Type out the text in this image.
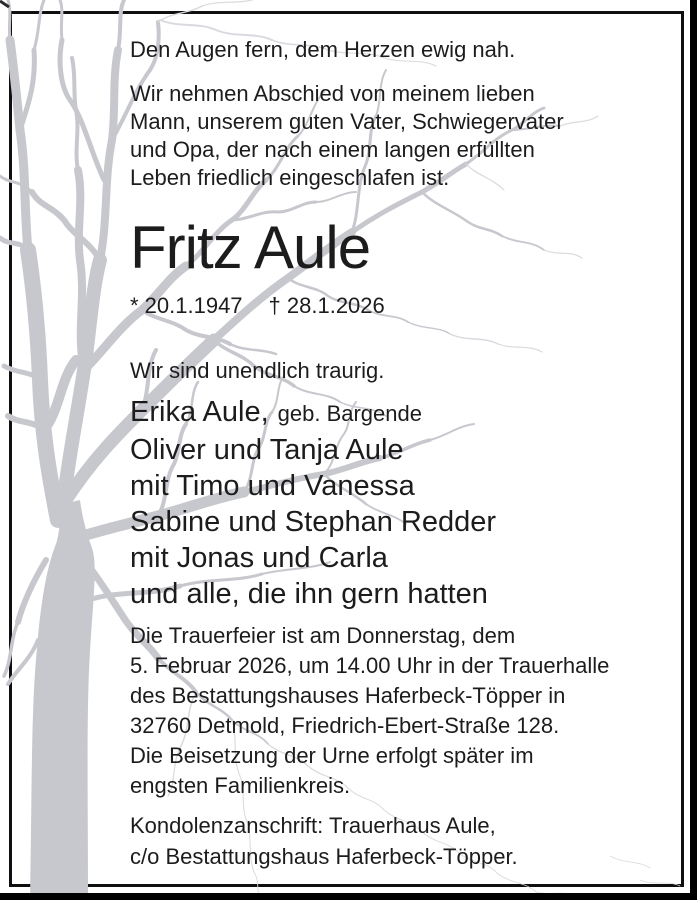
Den Augen fern, dem Herzen ewig nah.
Wir nehmen Abschied von meinem lieben
Mann, unserem guten Vater, Schwiegervater
und Opa, der nach einem langen erfüllten
Leben friedlich eingeschlafen ist.
Fritz Aule
* 20.1.1947 † 28.1.2026
Wir sind unendlich traurig.
Erika Aule, geb. Bargende
Oliver und Tanja Aule
mit Timo und Vanessa
Sabine und Stephan Redder
mit Jonas und Carla
und alle, die ihn gern hatten
Die Trauerfeier ist am Donnerstag, dem
5. Februar 2026, um 14.00 Uhr in der Trauerhalle
des Bestattungshauses Haferbeck-Töpper in
32760 Detmold, Friedrich-Ebert-Straße 128.
Die Beisetzung der Urne erfolgt später im
engsten Familienkreis.
Kondolenzanschrift: Trauerhaus Aule,
c/o Bestattungshaus Haferbeck-Töpper.
